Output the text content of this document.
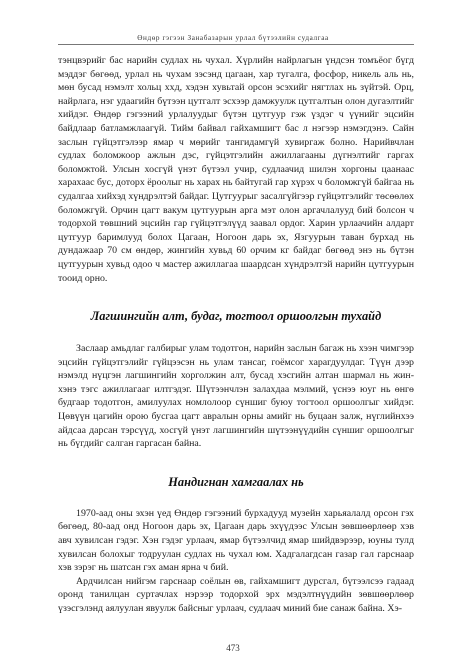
Өндөр гэгээн Занабазарын урлал бүтээлийн судалгаа

тэнцвэрийг бас нарийн судлах нь чухал. Хүрлийн найрлагын үндсэн томъёог бүгд мэддэг бөгөөд, урлал нь чухам зэсэнд цагаан, хар тугалга, фосфор, никель аль нь, мөн бусад нэмэлт хольц ххд, хэдэн хувьтай орсон эсэхийг нягтлах нь зүйтэй. Орц, найрлага, нэг удаагийн бүтээн цутгалт эсхээр дамжуулж цутгалтын олон дугаэлтийг хийдэг. Өндөр гэгээний урлалуудыг бүтэн цутгуур гэж үздэг ч үүнийг эцсийн байдлаар батламжлаагүй. Тийм байвал гайхамшигт бас л нэгээр нэмэгдэнэ. Сайн заслын гүйцэтгэлээр ямар ч мөрийг тангидамгүй хувиргаж болно. Нарийвчлан судлах боломжоор ажлын дэс, гүйцэтгэлийн ажиллагааны дүгнэлтийг гаргах боломжтой. Улсын хосгүй үнэт бүтээл учир, судлаачид шилэн хоргоны цаанаас харахаас бус, доторх ёроолыг нь харах нь байтугай гар хүрэх ч боломжгүй байгаа нь судалгаа хийхэд хүндрэлтэй байдаг. Цутгуурыг засалгүйгээр гүйцэтгэлийг төсөөлөх боломжгүй. Орчин цагт вакум цутгуурын арга мэт олон аргачлалууд бий болсон ч тодорхой төвшний эцсийн гар гүйцэтгэлүүд заавал ордог. Харин урлаачийн алдарт цутгуур баримлууд болох Цагаан, Ногоон дарь эх, Язгуурын таван бурхад нь дундажаар 70 см өндөр, жингийн хувьд 60 орчим кг байдаг бөгөөд энэ нь бүтэн цутгуурын хувьд одоо ч мастер ажиллагаа шаардсан хүндрэлтэй нарийн цутгуурын тооид орно.

Лагшингийн алт, будаг, тогтоол оршоолгын тухайд

Заслаар амьдлаг галбирыг улам тодотгон, нарийн заслын багаж нь хээн чимгээр эцсийн гүйцэтгэлийг гүйцээсэн нь улам тансаг, гоёмсог харагдуулдаг. Түүн дээр нэмэлд нүцгэн лагшингийн хорголжин алт, бусад хэсгийн алтан шармал нь жин-хэнэ тэгс ажиллагааг илтгэдэг. Шүтээнчлэн залахдаа мэлмий, үснээ юуг нь өнгө будгаар тодотгон, амилуулах номлолоор сүншиг буюу тогтоол оршоолгыг хийдэг. Цөвүүн цагийн орою бусгаа цагт авралын орны амийг нь буцаан залж, нүглийнхээ айдсаа дарсан тэрсүүд, хосгүй үнэт лагшингийн шүтээнүүдийн сүншиг оршоолгыг нь бүгдийг салган гаргасан байна.

Нандигнан хамгаалах нь

1970-аад оны эхэн үед Өндөр гэгээний бурхадууд музейн харьяалалд орсон гэх бөгөөд, 80-аад онд Ногоон дарь эх, Цагаан дарь эхүүдээс Улсын зөвшөөрлөөр хэв авч хувилсан гэдэг. Хэн гэдэг урлаач, ямар бүтээлчид ямар шийдвэрээр, юуны тулд хувилсан болохыг тодруулан судлах нь чухал юм. Хадгалагдсан газар гал гарснаар хэв зэрэг нь шатсан гэх аман ярна ч бий.

Ардчилсан нийгэм гарснаар соёлын өв, гайхамшигт дурсгал, бүтээлсээ гадаад оронд танилцан суртачлах нэрээр тодорхой эрх мэдэлтнүүдийн зөвшөөрлөөр үзэсгэлэнд аялуулан явуулж байсныг урлаач, судлаач миний бие санаж байна. Хэ-

473
